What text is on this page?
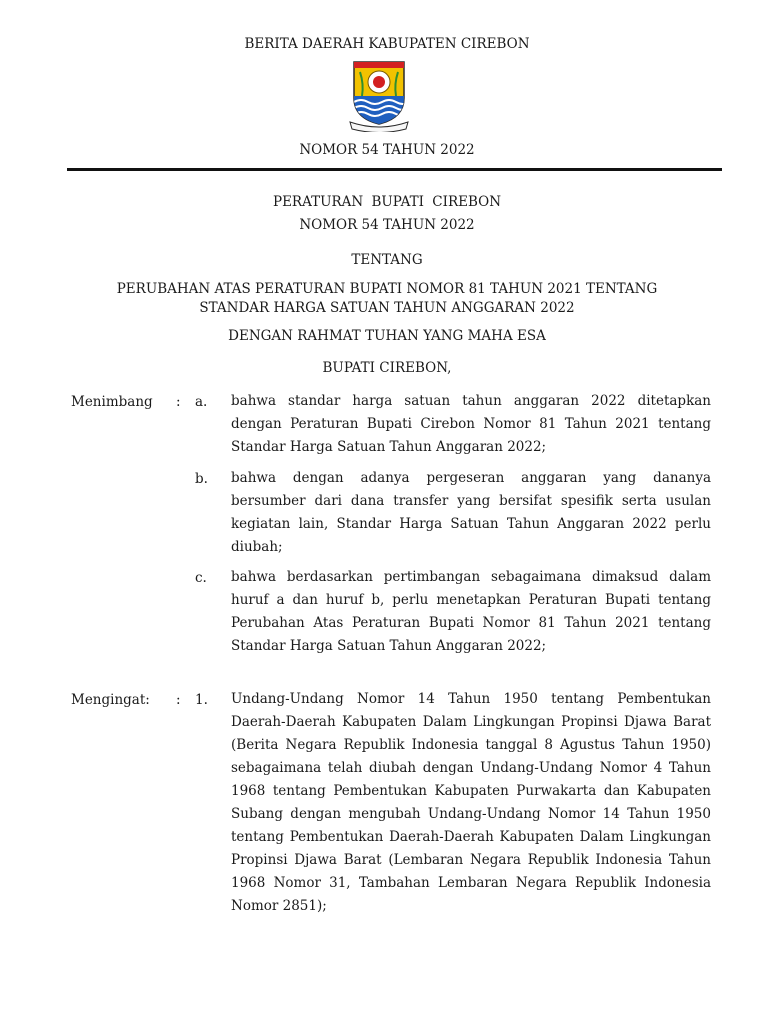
BERITA DAERAH KABUPATEN CIREBON
NOMOR 54 TAHUN 2022
PERATURAN BUPATI CIREBON
NOMOR 54 TAHUN 2022
TENTANG
PERUBAHAN ATAS PERATURAN BUPATI NOMOR 81 TAHUN 2021 TENTANG
STANDAR HARGA SATUAN TAHUN ANGGARAN 2022
DENGAN RAHMAT TUHAN YANG MAHA ESA
BUPATI CIREBON,
Menimbang : a. bahwa standar harga satuan tahun anggaran 2022 ditetapkan dengan Peraturan Bupati Cirebon Nomor 81 Tahun 2021 tentang Standar Harga Satuan Tahun Anggaran 2022;
b. bahwa dengan adanya pergeseran anggaran yang dananya bersumber dari dana transfer yang bersifat spesifik serta usulan kegiatan lain, Standar Harga Satuan Tahun Anggaran 2022 perlu diubah;
c. bahwa berdasarkan pertimbangan sebagaimana dimaksud dalam huruf a dan huruf b, perlu menetapkan Peraturan Bupati tentang Perubahan Atas Peraturan Bupati Nomor 81 Tahun 2021 tentang Standar Harga Satuan Tahun Anggaran 2022;
Mengingat: : 1. Undang-Undang Nomor 14 Tahun 1950 tentang Pembentukan Daerah-Daerah Kabupaten Dalam Lingkungan Propinsi Djawa Barat (Berita Negara Republik Indonesia tanggal 8 Agustus Tahun 1950) sebagaimana telah diubah dengan Undang-Undang Nomor 4 Tahun 1968 tentang Pembentukan Kabupaten Purwakarta dan Kabupaten Subang dengan mengubah Undang-Undang Nomor 14 Tahun 1950 tentang Pembentukan Daerah-Daerah Kabupaten Dalam Lingkungan Propinsi Djawa Barat (Lembaran Negara Republik Indonesia Tahun 1968 Nomor 31, Tambahan Lembaran Negara Republik Indonesia Nomor 2851);
